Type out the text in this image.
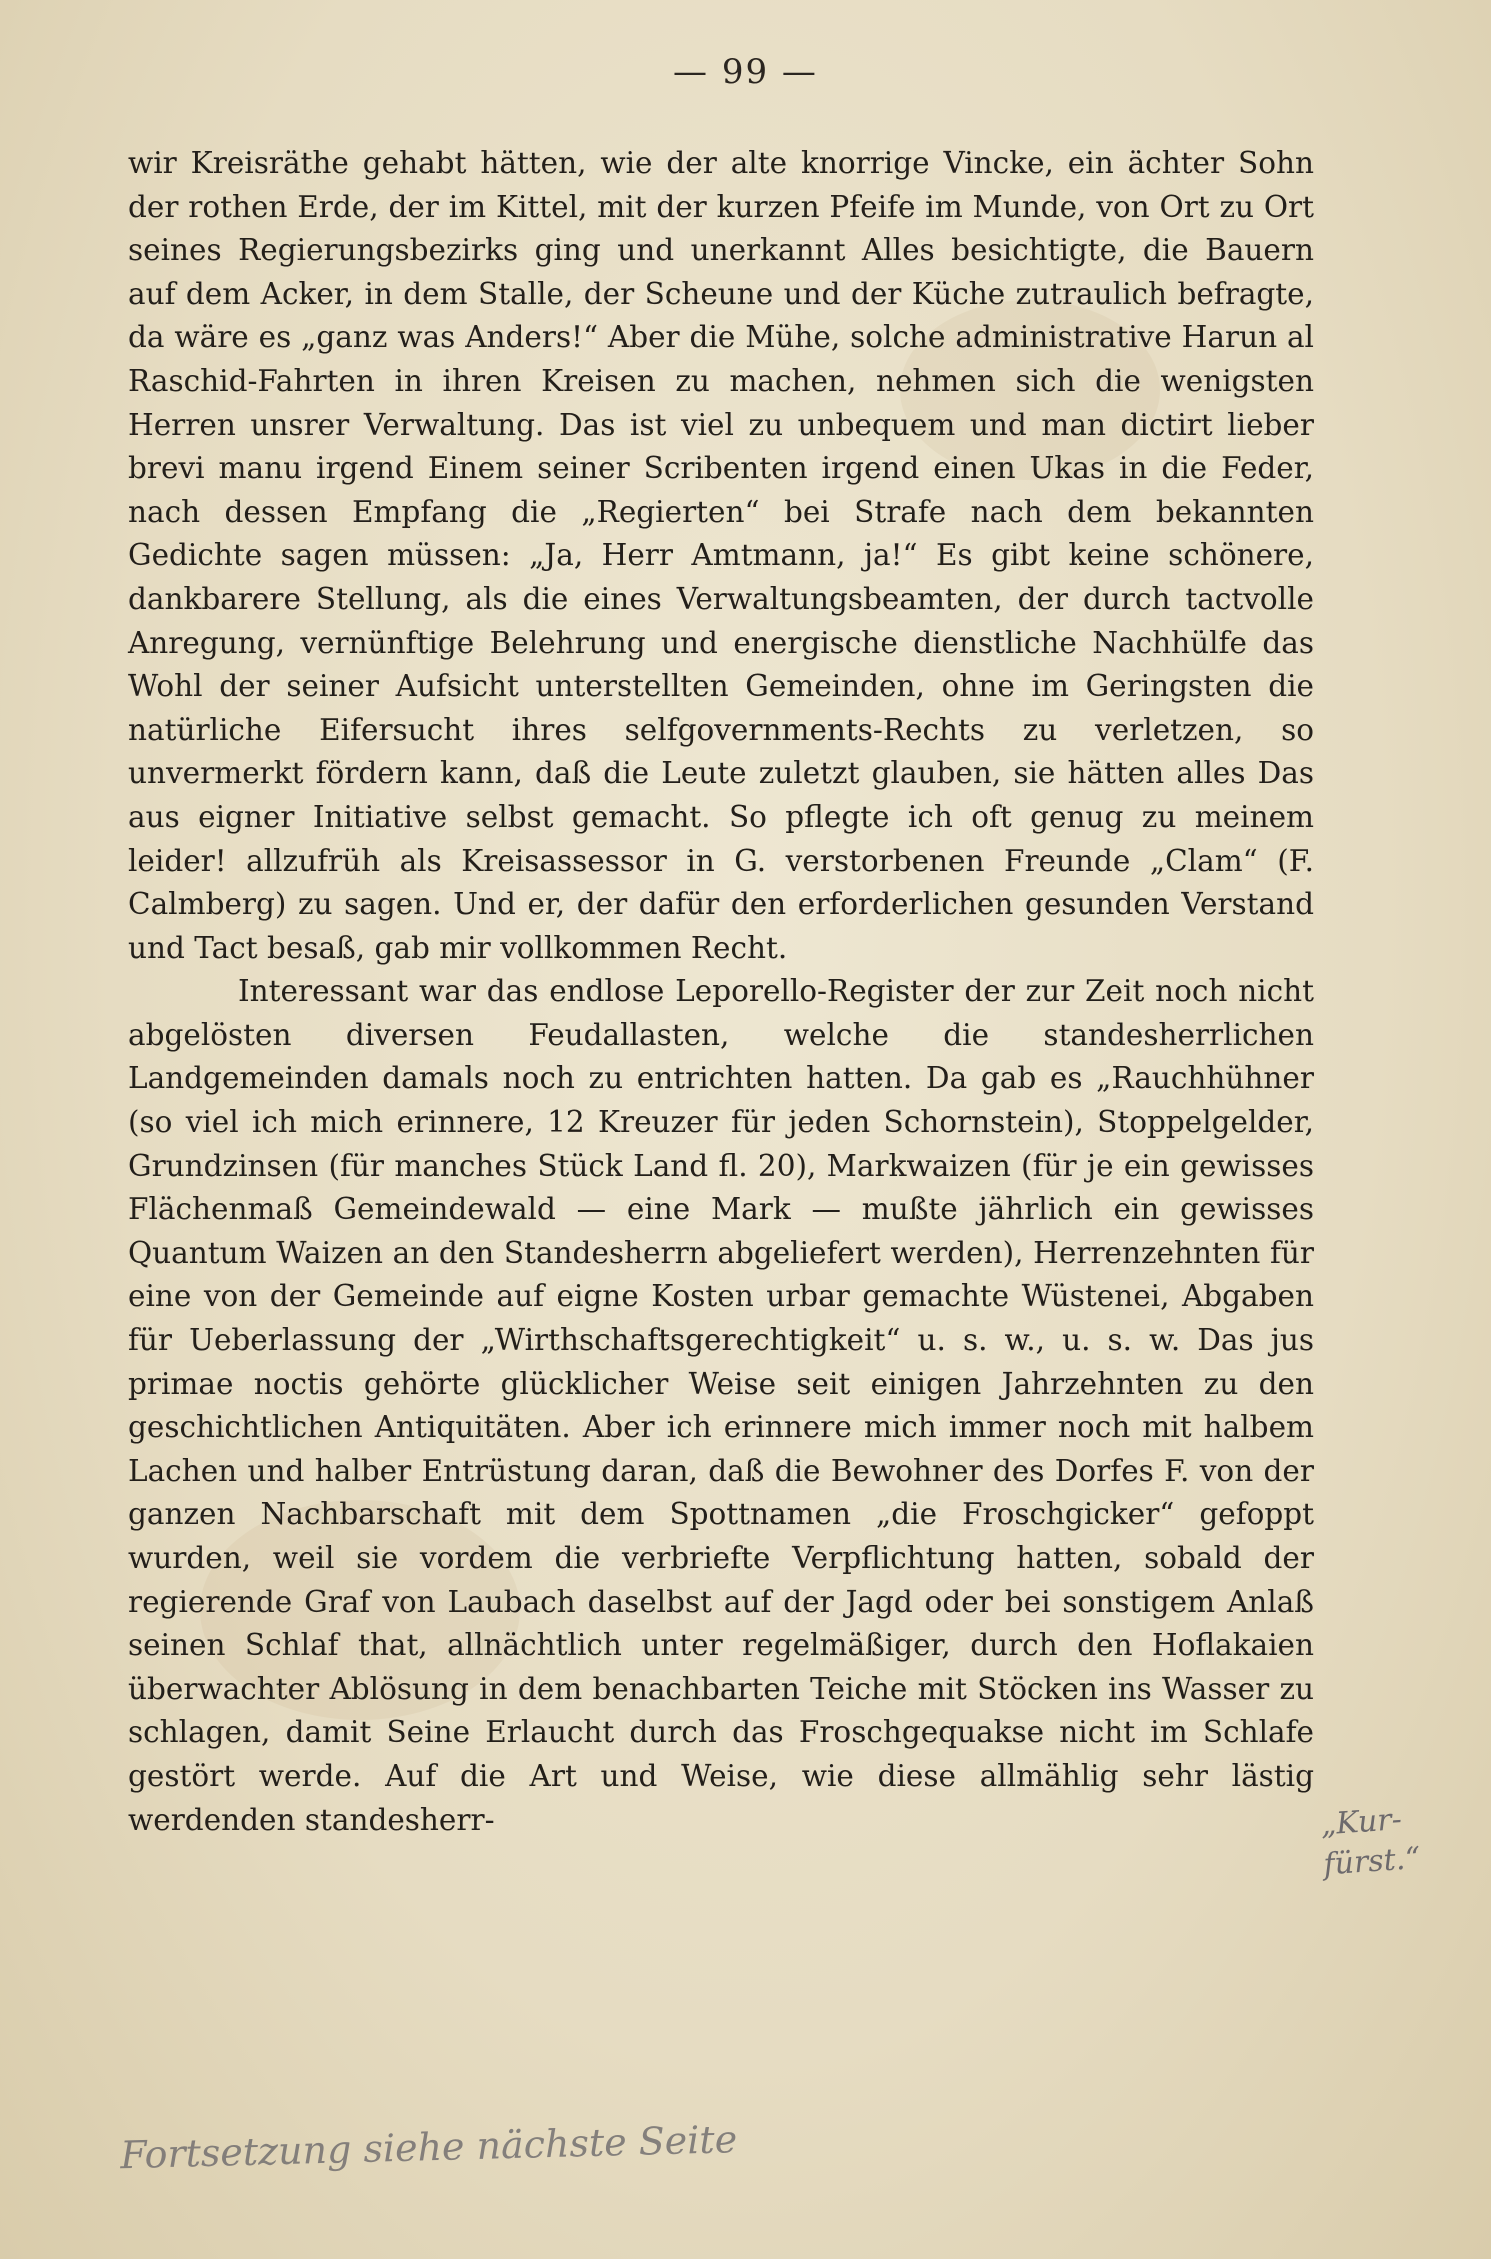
— 99 —

wir Kreisräthe gehabt hätten, wie der alte knorrige Vincke, ein ächter Sohn der rothen Erde, der im Kittel, mit der kurzen Pfeife im Munde, von Ort zu Ort seines Regierungsbezirks ging und unerkannt Alles besichtigte, die Bauern auf dem Acker, in dem Stalle, der Scheune und der Küche zutraulich befragte, da wäre es „ganz was Anders!“ Aber die Mühe, solche administrative Harun al Raschid-Fahrten in ihren Kreisen zu machen, nehmen sich die wenigsten Herren unsrer Verwaltung. Das ist viel zu unbequem und man dictirt lieber brevi manu irgend Einem seiner Scribenten irgend einen Ukas in die Feder, nach dessen Empfang die „Regierten“ bei Strafe nach dem bekannten Gedichte sagen müssen: „Ja, Herr Amtmann, ja!“ Es gibt keine schönere, dankbarere Stellung, als die eines Verwaltungsbeamten, der durch tactvolle Anregung, vernünftige Belehrung und energische dienstliche Nachhülfe das Wohl der seiner Aufsicht unterstellten Gemeinden, ohne im Geringsten die natürliche Eifersucht ihres selfgovernments-Rechts zu verletzen, so unvermerkt fördern kann, daß die Leute zuletzt glauben, sie hätten alles Das aus eigner Initiative selbst gemacht. So pflegte ich oft genug zu meinem leider! allzufrüh als Kreisassessor in G. verstorbenen Freunde „Clam“ (F. Calmberg) zu sagen. Und er, der dafür den erforderlichen gesunden Verstand und Tact besaß, gab mir vollkommen Recht.

Interessant war das endlose Leporello-Register der zur Zeit noch nicht abgelösten diversen Feudallasten, welche die standesherrlichen Landgemeinden damals noch zu entrichten hatten. Da gab es „Rauchhühner (so viel ich mich erinnere, 12 Kreuzer für jeden Schornstein), Stoppelgelder, Grundzinsen (für manches Stück Land fl. 20), Markwaizen (für je ein gewisses Flächenmaß Gemeindewald — eine Mark — mußte jährlich ein gewisses Quantum Waizen an den Standesherrn abgeliefert werden), Herrenzehnten für eine von der Gemeinde auf eigne Kosten urbar gemachte Wüstenei, Abgaben für Ueberlassung der „Wirthschaftsgerechtigkeit“ u. s. w., u. s. w. Das jus primae noctis gehörte glücklicher Weise seit einigen Jahrzehnten zu den geschichtlichen Antiquitäten. Aber ich erinnere mich immer noch mit halbem Lachen und halber Entrüstung daran, daß die Bewohner des Dorfes F. von der ganzen Nachbarschaft mit dem Spottnamen „die Froschgicker“ gefoppt wurden, weil sie vordem die verbriefte Verpflichtung hatten, sobald der regierende Graf von Laubach daselbst auf der Jagd oder bei sonstigem Anlaß seinen Schlaf that, allnächtlich unter regelmäßiger, durch den Hoflakaien überwachter Ablösung in dem benachbarten Teiche mit Stöcken ins Wasser zu schlagen, damit Seine Erlaucht durch das Froschgequakse nicht im Schlafe gestört werde. Auf die Art und Weise, wie diese allmählig sehr lästig werdenden standesherr-	„Kur-
fürst.“
Fortsetzung siehe nächste Seite
